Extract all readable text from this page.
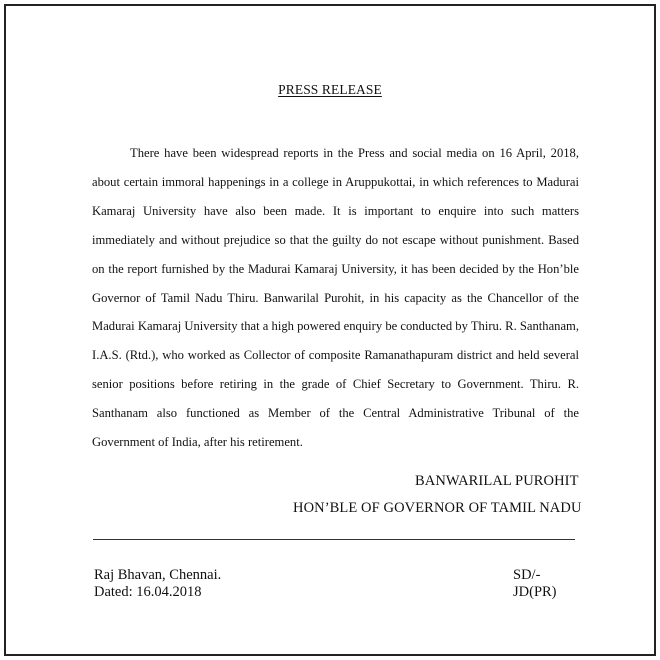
PRESS RELEASE

There have been widespread reports in the Press and social media on 16 April, 2018, about certain immoral happenings in a college in Aruppukottai, in which references to Madurai Kamaraj University have also been made. It is important to enquire into such matters immediately and without prejudice so that the guilty do not escape without punishment. Based on the report furnished by the Madurai Kamaraj University, it has been decided by the Hon’ble Governor of Tamil Nadu Thiru. Banwarilal Purohit, in his capacity as the Chancellor of the Madurai Kamaraj University that a high powered enquiry be conducted by Thiru. R. Santhanam, I.A.S. (Rtd.), who worked as Collector of composite Ramanathapuram district and held several senior positions before retiring in the grade of Chief Secretary to Government. Thiru. R. Santhanam also functioned as Member of the Central Administrative Tribunal of the Government of India, after his retirement.

BANWARILAL PUROHIT
HON’BLE OF GOVERNOR OF TAMIL NADU
Raj Bhavan, Chennai.
Dated: 16.04.2018
SD/-
JD(PR)
